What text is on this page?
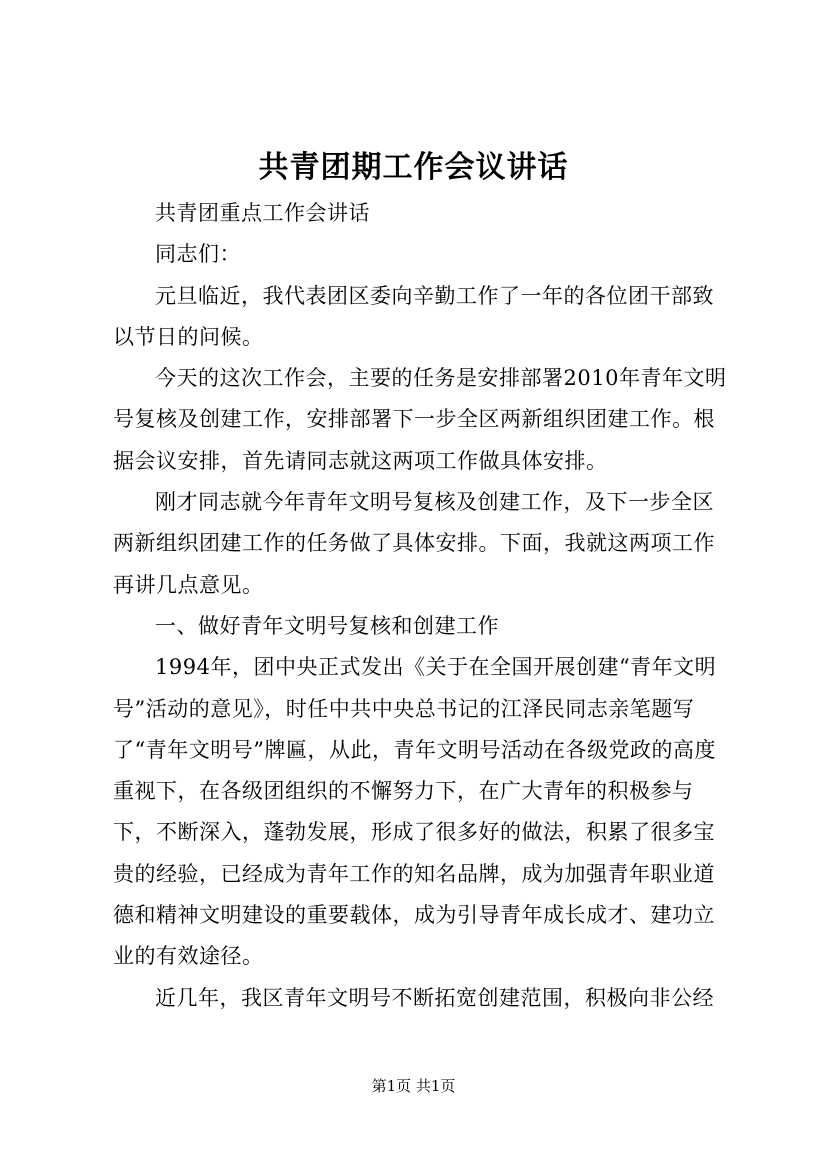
共青团期工作会议讲话

共青团重点工作会讲话

同志们：

元旦临近，我代表团区委向辛勤工作了一年的各位团干部致以节日的问候。

今天的这次工作会，主要的任务是安排部署2010年青年文明号复核及创建工作，安排部署下一步全区两新组织团建工作。根据会议安排，首先请同志就这两项工作做具体安排。

刚才同志就今年青年文明号复核及创建工作，及下一步全区两新组织团建工作的任务做了具体安排。下面，我就这两项工作再讲几点意见。

一、做好青年文明号复核和创建工作

1994年，团中央正式发出《关于在全国开展创建“青年文明号”活动的意见》，时任中共中央总书记的江泽民同志亲笔题写了“青年文明号”牌匾，从此，青年文明号活动在各级党政的高度重视下，在各级团组织的不懈努力下，在广大青年的积极参与下，不断深入，蓬勃发展，形成了很多好的做法，积累了很多宝贵的经验，已经成为青年工作的知名品牌，成为加强青年职业道德和精神文明建设的重要载体，成为引导青年成长成才、建功立业的有效途径。

近几年，我区青年文明号不断拓宽创建范围，积极向非公经

第1页 共1页
